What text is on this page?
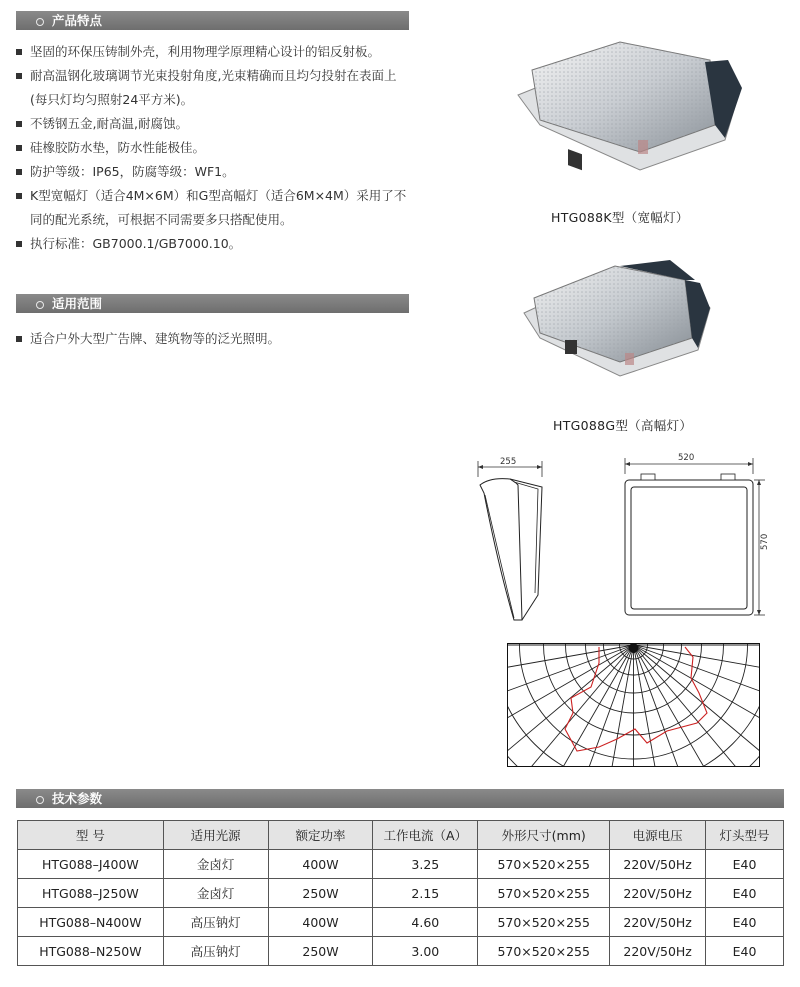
产品特点
坚固的环保压铸制外壳，利用物理学原理精心设计的铝反射板。
耐高温钢化玻璃调节光束投射角度,光束精确而且均匀投射在表面上(每只灯均匀照射24平方米)。
不锈钢五金,耐高温,耐腐蚀。
硅橡胶防水垫，防水性能极佳。
防护等级：IP65，防腐等级：WF1。
K型宽幅灯（适合4M×6M）和G型高幅灯（适合6M×4M）采用了不同的配光系统，可根据不同需要多只搭配使用。
执行标准：GB7000.1/GB7000.10。
适用范围
适合户外大型广告牌、建筑物等的泛光照明。
HTG088K型（宽幅灯）
HTG088G型（高幅灯）
255	520
570
技术参数
型 号	适用光源	额定功率	工作电流（A）	外形尺寸(mm)	电源电压	灯头型号
HTG088–J400W	金卤灯	400W	3.25	570×520×255	220V/50Hz	E40
HTG088–J250W	金卤灯	250W	2.15	570×520×255	220V/50Hz	E40
HTG088–N400W	高压钠灯	400W	4.60	570×520×255	220V/50Hz	E40
HTG088–N250W	高压钠灯	250W	3.00	570×520×255	220V/50Hz	E40
